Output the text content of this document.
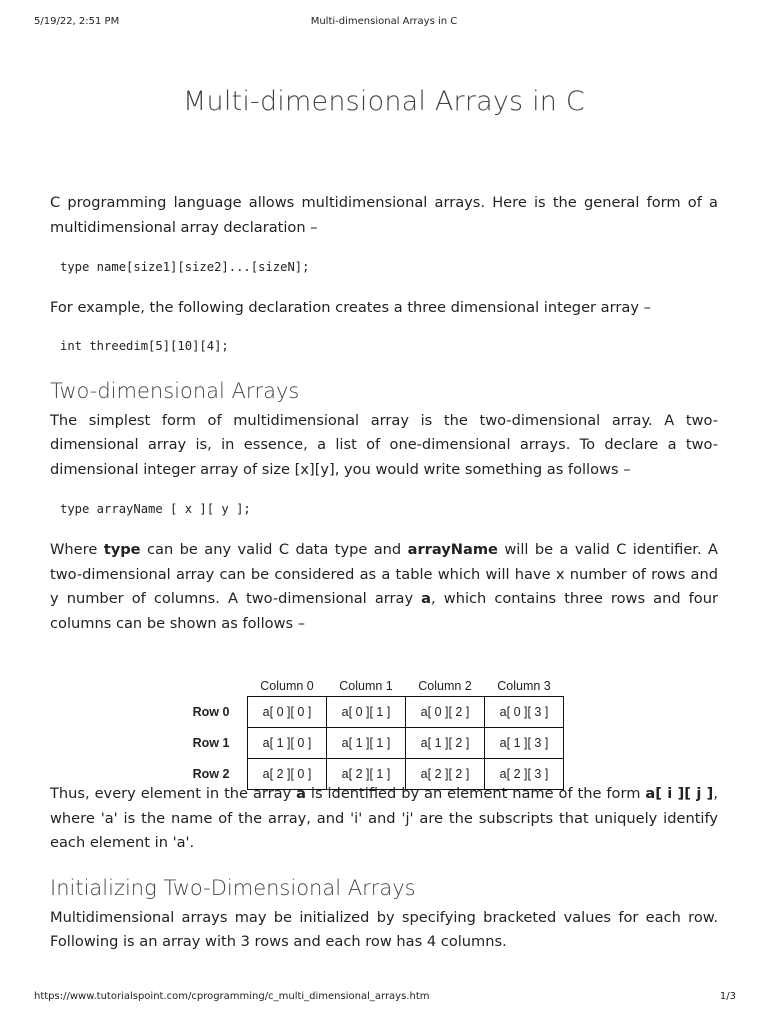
5/19/22, 2:51 PM	Multi-dimensional Arrays in C
Multi-dimensional Arrays in C

C programming language allows multidimensional arrays. Here is the general form of a multidimensional array declaration –

type name[size1][size2]...[sizeN];

For example, the following declaration creates a three dimensional integer array –

int threedim[5][10][4];
Two-dimensional Arrays

The simplest form of multidimensional array is the two-dimensional array. A two-dimensional array is, in essence, a list of one-dimensional arrays. To declare a two-dimensional integer array of size [x][y], you would write something as follows –

type arrayName [ x ][ y ];

Where type can be any valid C data type and arrayName will be a valid C identifier. A two-dimensional array can be considered as a table which will have x number of rows and y number of columns. A two-dimensional array a, which contains three rows and four columns can be shown as follows –

Thus, every element in the array a is identified by an element name of the form a[ i ][ j ], where 'a' is the name of the array, and 'i' and 'j' are the subscripts that uniquely identify each element in 'a'.

Initializing Two-Dimensional Arrays

Multidimensional arrays may be initialized by specifying bracketed values for each row. Following is an array with 3 rows and each row has 4 columns.

	Column 0	Column 1	Column 2	Column 3
Row 0	a[ 0 ][ 0 ]	a[ 0 ][ 1 ]	a[ 0 ][ 2 ]	a[ 0 ][ 3 ]
Row 1	a[ 1 ][ 0 ]	a[ 1 ][ 1 ]	a[ 1 ][ 2 ]	a[ 1 ][ 3 ]
Row 2	a[ 2 ][ 0 ]	a[ 2 ][ 1 ]	a[ 2 ][ 2 ]	a[ 2 ][ 3 ]
https://www.tutorialspoint.com/cprogramming/c_multi_dimensional_arrays.htm	1/3
